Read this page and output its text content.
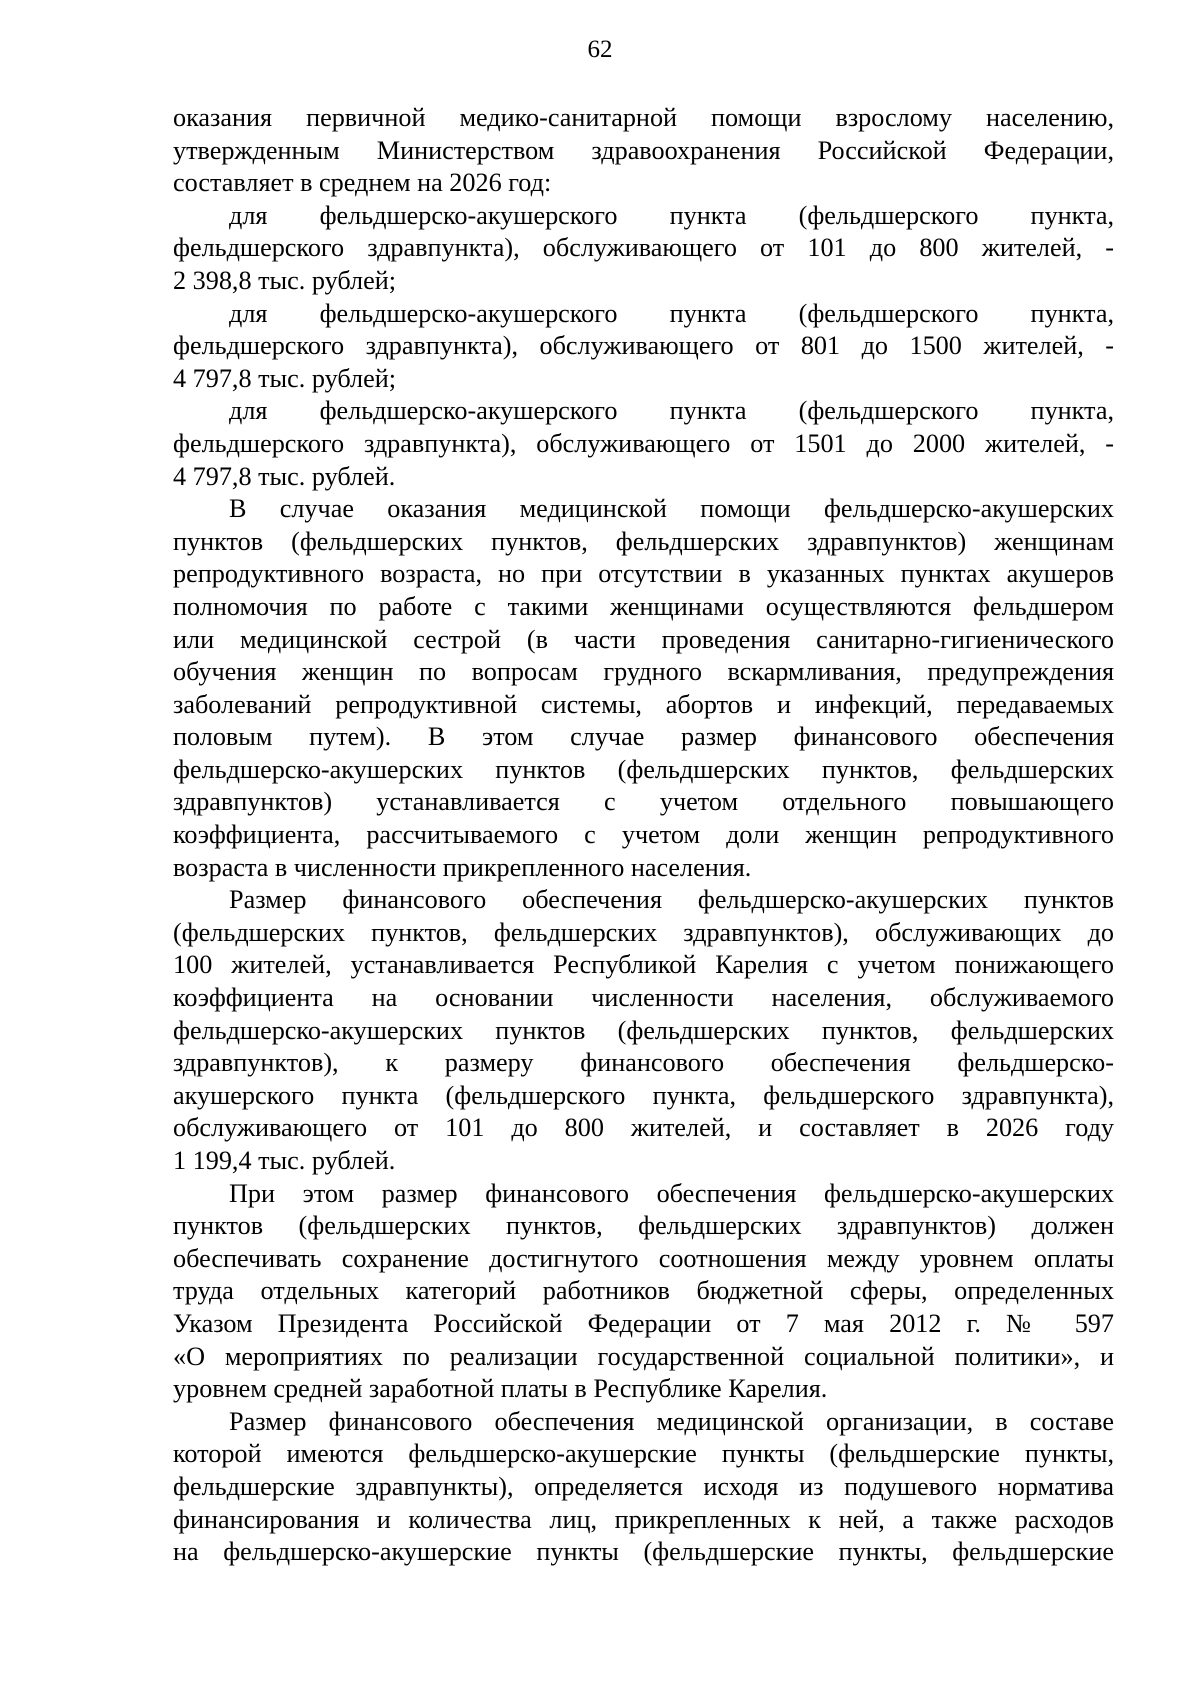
62

оказания первичной медико-санитарной помощи взрослому населению,

утвержденным Министерством здравоохранения Российской Федерации,

составляет в среднем на 2026 год:

для фельдшерско-акушерского пункта (фельдшерского пункта,

фельдшерского здравпункта), обслуживающего от 101 до 800 жителей, -

2 398,8 тыс. рублей;

для фельдшерско-акушерского пункта (фельдшерского пункта,

фельдшерского здравпункта), обслуживающего от 801 до 1500 жителей, -

4 797,8 тыс. рублей;

для фельдшерско-акушерского пункта (фельдшерского пункта,

фельдшерского здравпункта), обслуживающего от 1501 до 2000 жителей, -

4 797,8 тыс. рублей.

В случае оказания медицинской помощи фельдшерско-акушерских

пунктов (фельдшерских пунктов, фельдшерских здравпунктов) женщинам

репродуктивного возраста, но при отсутствии в указанных пунктах акушеров

полномочия по работе с такими женщинами осуществляются фельдшером

или медицинской сестрой (в части проведения санитарно-гигиенического

обучения женщин по вопросам грудного вскармливания, предупреждения

заболеваний репродуктивной системы, абортов и инфекций, передаваемых

половым путем). В этом случае размер финансового обеспечения

фельдшерско-акушерских пунктов (фельдшерских пунктов, фельдшерских

здравпунктов) устанавливается с учетом отдельного повышающего

коэффициента, рассчитываемого с учетом доли женщин репродуктивного

возраста в численности прикрепленного населения.

Размер финансового обеспечения фельдшерско-акушерских пунктов

(фельдшерских пунктов, фельдшерских здравпунктов), обслуживающих до

100 жителей, устанавливается Республикой Карелия с учетом понижающего

коэффициента на основании численности населения, обслуживаемого

фельдшерско-акушерских пунктов (фельдшерских пунктов, фельдшерских

здравпунктов), к размеру финансового обеспечения фельдшерско-

акушерского пункта (фельдшерского пункта, фельдшерского здравпункта),

обслуживающего от 101 до 800 жителей, и составляет в 2026 году

1 199,4 тыс. рублей.

При этом размер финансового обеспечения фельдшерско-акушерских

пунктов (фельдшерских пунктов, фельдшерских здравпунктов) должен

обеспечивать сохранение достигнутого соотношения между уровнем оплаты

труда отдельных категорий работников бюджетной сферы, определенных

Указом Президента Российской Федерации от 7 мая 2012 г. № 597

«О мероприятиях по реализации государственной социальной политики», и

уровнем средней заработной платы в Республике Карелия.

Размер финансового обеспечения медицинской организации, в составе

которой имеются фельдшерско-акушерские пункты (фельдшерские пункты,

фельдшерские здравпункты), определяется исходя из подушевого норматива

финансирования и количества лиц, прикрепленных к ней, а также расходов

на фельдшерско-акушерские пункты (фельдшерские пункты, фельдшерские
